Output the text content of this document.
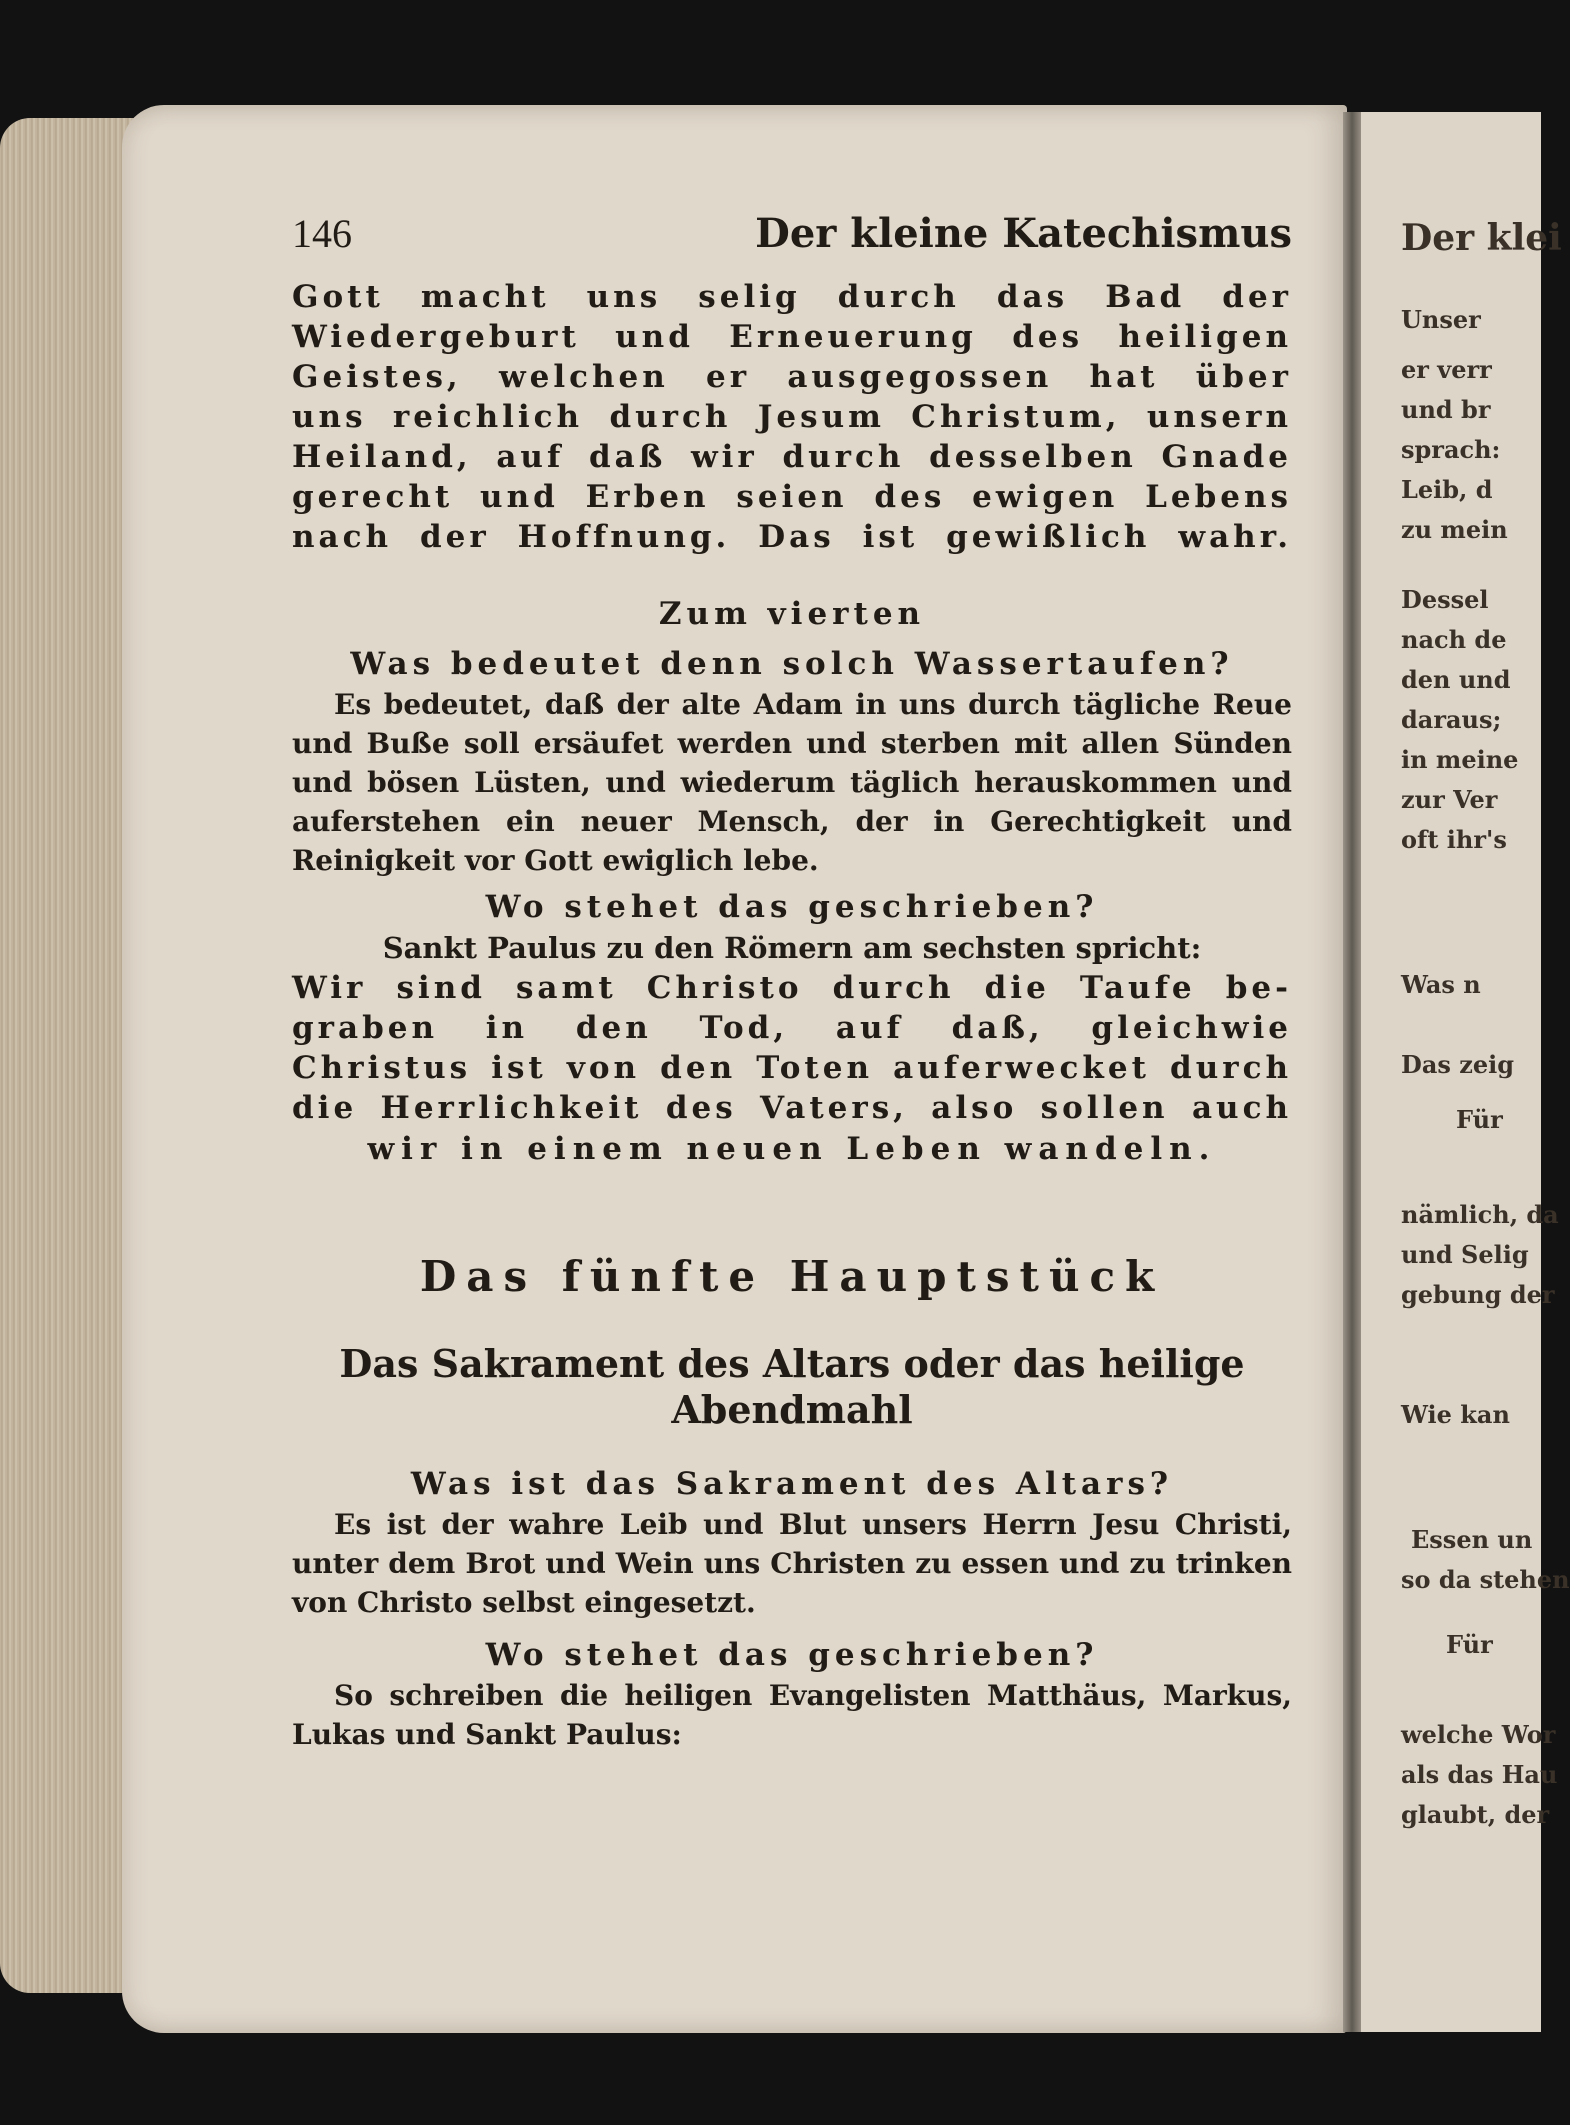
Der klei
Unser
er verr
und br
sprach:
Leib, d
zu mein
Dessel
nach de
den und
daraus;
in meine
zur Ver
oft ihr's
Was n
Das zeig
Für
nämlich, da
und Selig
gebung der
Wie kan
Essen un
so da stehen
Für
welche Wor
als das Hau
glaubt, der
146	Der kleine Katechismus

Gott macht uns selig durch das Bad der

Wiedergeburt und Erneuerung des heiligen

Geistes, welchen er ausgegossen hat über

uns reichlich durch Jesum Christum, unsern

Heiland, auf daß wir durch desselben Gnade

gerecht und Erben seien des ewigen Lebens

nach der Hoffnung. Das ist gewißlich wahr.

Zum vierten

Was bedeutet denn solch Wassertaufen?

Es bedeutet, daß der alte Adam in uns durch tägliche Reue und Buße soll ersäufet werden und sterben mit allen Sünden und bösen Lüsten, und wiederum täglich herauskommen und auferstehen ein neuer Mensch, der in Gerechtigkeit und Reinigkeit vor Gott ewiglich lebe.

Wo stehet das geschrieben?

Sankt Paulus zu den Römern am sechsten spricht:

Wir sind samt Christo durch die Taufe be-

graben in den Tod, auf daß, gleichwie

Christus ist von den Toten auferwecket durch

die Herrlichkeit des Vaters, also sollen auch

wir in einem neuen Leben wandeln.

Das fünfte Hauptstück

Das Sakrament des Altars oder das heilige

Abendmahl

Was ist das Sakrament des Altars?

Es ist der wahre Leib und Blut unsers Herrn Jesu Christi, unter dem Brot und Wein uns Christen zu essen und zu trinken von Christo selbst eingesetzt.

Wo stehet das geschrieben?

So schreiben die heiligen Evangelisten Matthäus, Markus, Lukas und Sankt Paulus:
